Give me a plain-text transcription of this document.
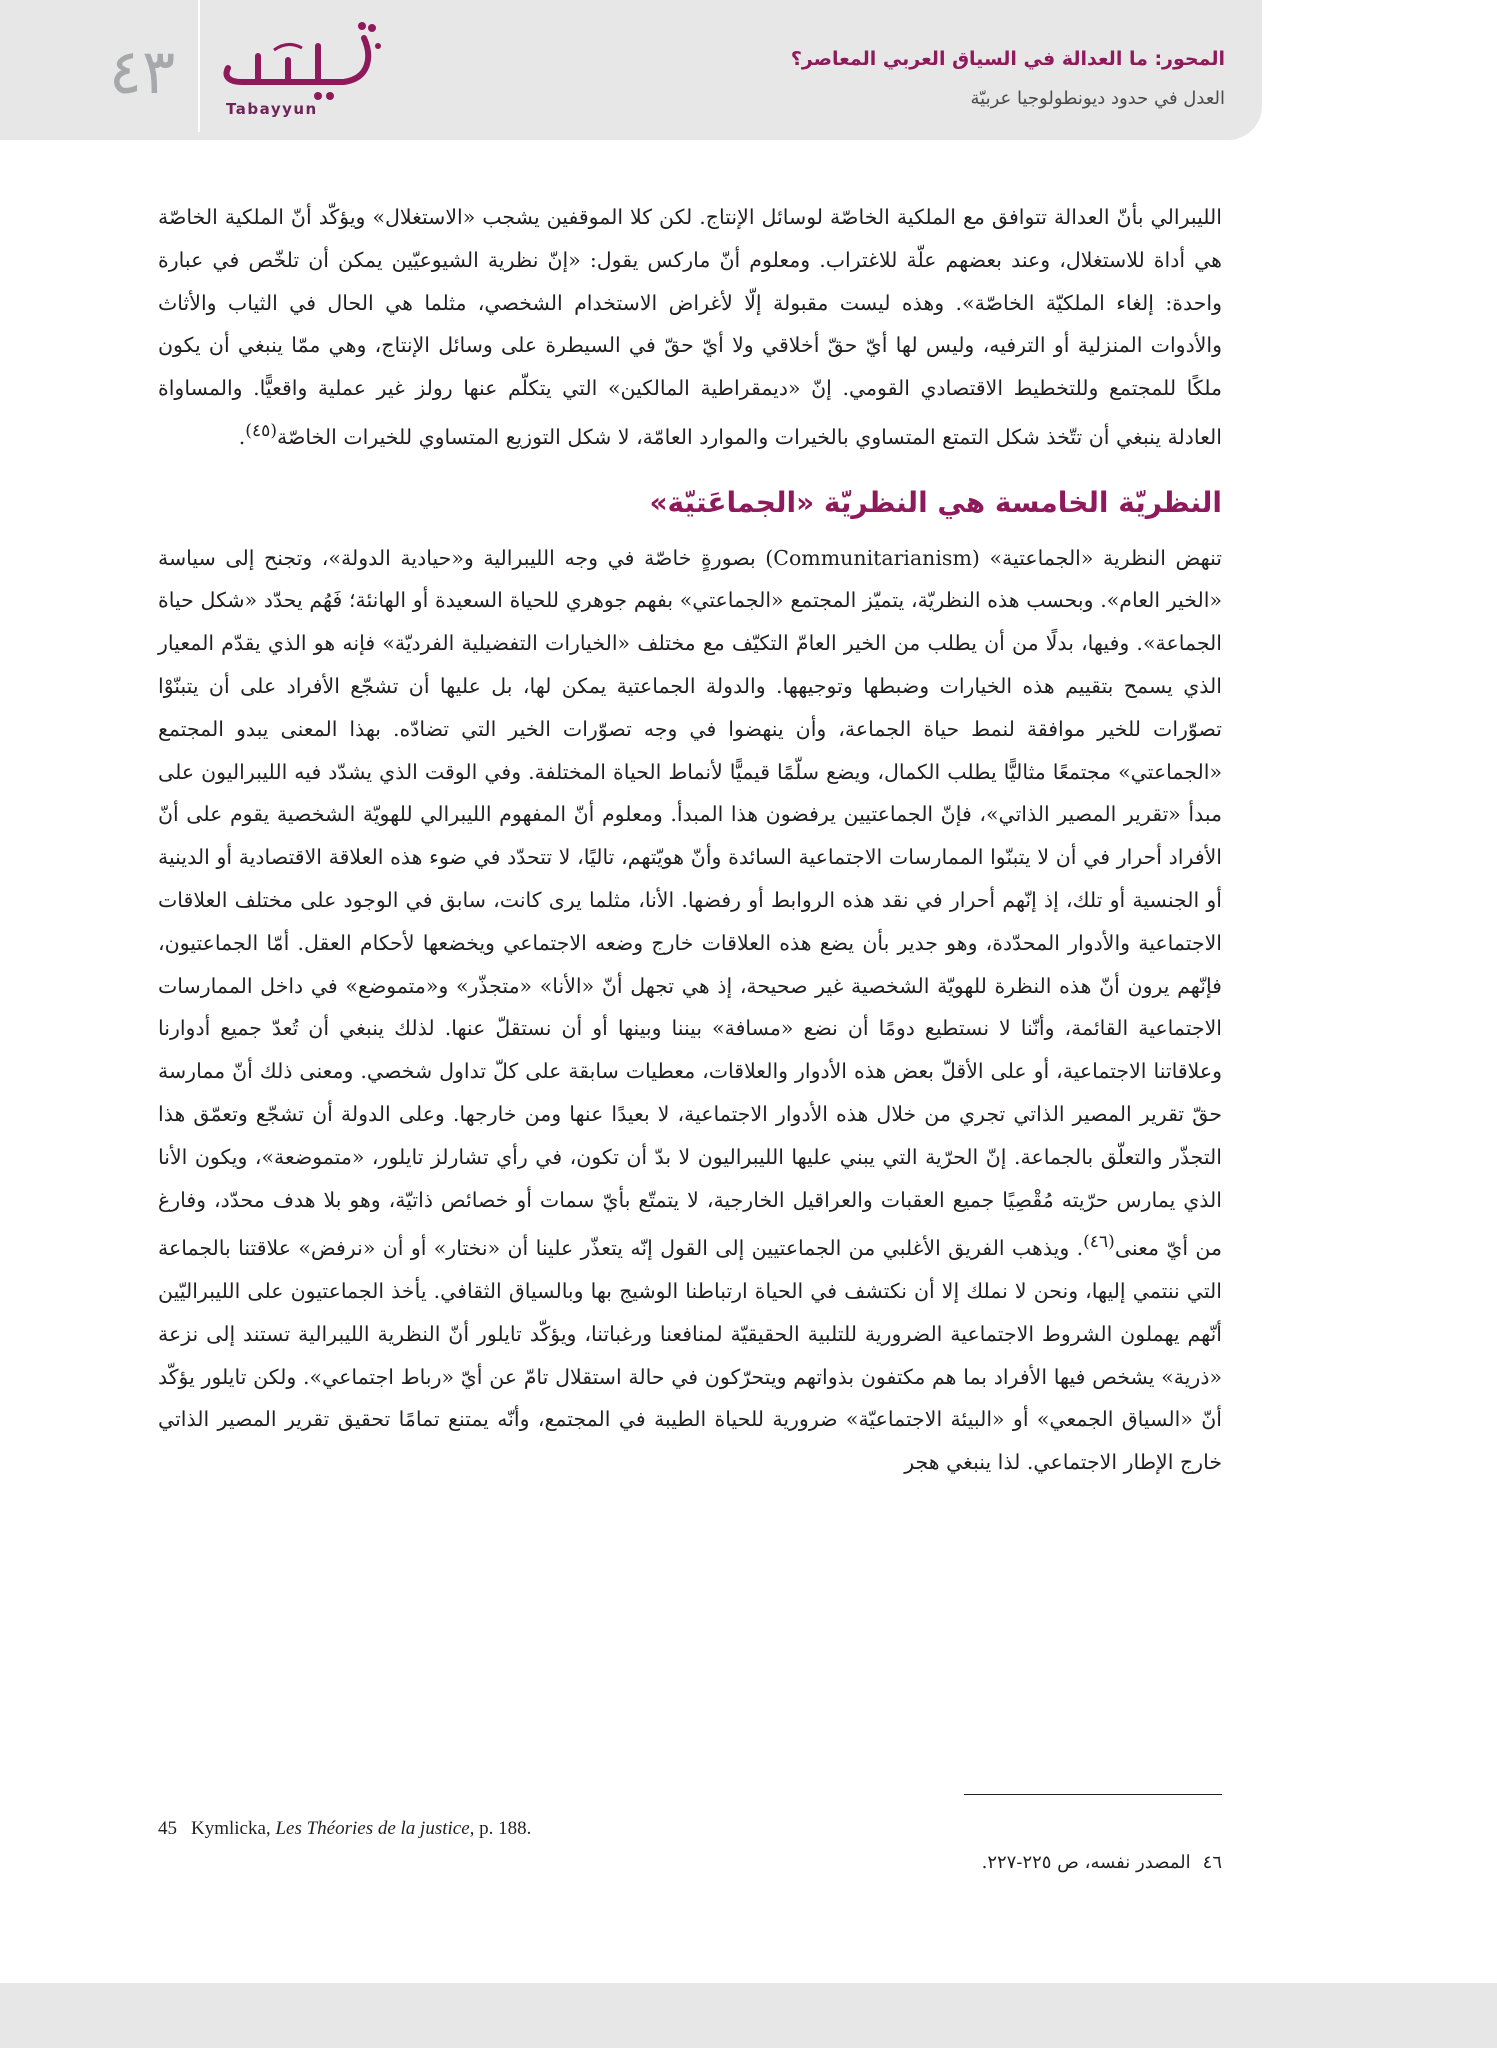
٤٣
Tabayyun
المحور: ما العدالة في السياق العربي المعاصر؟
العدل في حدود ديونطولوجيا عربيّة

الليبرالي بأنّ العدالة تتوافق مع الملكية الخاصّة لوسائل الإنتاج. لكن كلا الموقفين يشجب «الاستغلال» ويؤكّد أنّ الملكية الخاصّة هي أداة للاستغلال، وعند بعضهم علّة للاغتراب. ومعلوم أنّ ماركس يقول: «إنّ نظرية الشيوعيّين يمكن أن تلخّص في عبارة واحدة: إلغاء الملكيّة الخاصّة». وهذه ليست مقبولة إلّا لأغراض الاستخدام الشخصي، مثلما هي الحال في الثياب والأثاث والأدوات المنزلية أو الترفيه، وليس لها أيّ حقّ أخلاقي ولا أيّ حقّ في السيطرة على وسائل الإنتاج، وهي ممّا ينبغي أن يكون ملكًا للمجتمع وللتخطيط الاقتصادي القومي. إنّ «ديمقراطية المالكين» التي يتكلّم عنها رولز غير عملية واقعيًّا. والمساواة العادلة ينبغي أن تتّخذ شكل التمتع المتساوي بالخيرات والموارد العامّة، لا شكل التوزيع المتساوي للخيرات الخاصّة$^{(٤٥)}$.

النظريّة الخامسة هي النظريّة «الجماعَتيّة»

تنهض النظرية «الجماعتية» (Communitarianism) بصورةٍ خاصّة في وجه الليبرالية و«حيادية الدولة»، وتجنح إلى سياسة «الخير العام». وبحسب هذه النظريّة، يتميّز المجتمع «الجماعتي» بفهم جوهري للحياة السعيدة أو الهانئة؛ فَهُم يحدّد «شكل حياة الجماعة». وفيها، بدلًا من أن يطلب من الخير العامّ التكيّف مع مختلف «الخيارات التفضيلية الفرديّة» فإنه هو الذي يقدّم المعيار الذي يسمح بتقييم هذه الخيارات وضبطها وتوجيهها. والدولة الجماعتية يمكن لها، بل عليها أن تشجّع الأفراد على أن يتبنّوْا تصوّرات للخير موافقة لنمط حياة الجماعة، وأن ينهضوا في وجه تصوّرات الخير التي تضادّه. بهذا المعنى يبدو المجتمع «الجماعتي» مجتمعًا مثاليًّا يطلب الكمال، ويضع سلّمًا قيميًّا لأنماط الحياة المختلفة. وفي الوقت الذي يشدّد فيه الليبراليون على مبدأ «تقرير المصير الذاتي»، فإنّ الجماعتيين يرفضون هذا المبدأ. ومعلوم أنّ المفهوم الليبرالي للهويّة الشخصية يقوم على أنّ الأفراد أحرار في أن لا يتبنّوا الممارسات الاجتماعية السائدة وأنّ هويّتهم، تاليًا، لا تتحدّد في ضوء هذه العلاقة الاقتصادية أو الدينية أو الجنسية أو تلك، إذ إنّهم أحرار في نقد هذه الروابط أو رفضها. الأنا، مثلما يرى كانت، سابق في الوجود على مختلف العلاقات الاجتماعية والأدوار المحدّدة، وهو جدير بأن يضع هذه العلاقات خارج وضعه الاجتماعي ويخضعها لأحكام العقل. أمّا الجماعتيون، فإنّهم يرون أنّ هذه النظرة للهويّة الشخصية غير صحيحة، إذ هي تجهل أنّ «الأنا» «متجذّر» و«متموضع» في داخل الممارسات الاجتماعية القائمة، وأنّنا لا نستطيع دومًا أن نضع «مسافة» بيننا وبينها أو أن نستقلّ عنها. لذلك ينبغي أن تُعدّ جميع أدوارنا وعلاقاتنا الاجتماعية، أو على الأقلّ بعض هذه الأدوار والعلاقات، معطيات سابقة على كلّ تداول شخصي. ومعنى ذلك أنّ ممارسة حقّ تقرير المصير الذاتي تجري من خلال هذه الأدوار الاجتماعية، لا بعيدًا عنها ومن خارجها. وعلى الدولة أن تشجّع وتعمّق هذا التجذّر والتعلّق بالجماعة. إنّ الحرّية التي يبني عليها الليبراليون لا بدّ أن تكون، في رأي تشارلز تايلور، «متموضعة»، ويكون الأنا الذي يمارس حرّيته مُقْصِيًا جميع العقبات والعراقيل الخارجية، لا يتمتّع بأيّ سمات أو خصائص ذاتيّة، وهو بلا هدف محدّد، وفارغ من أيّ معنى$^{(٤٦)}$. ويذهب الفريق الأغلبي من الجماعتيين إلى القول إنّه يتعذّر علينا أن «نختار» أو أن «نرفض» علاقتنا بالجماعة التي ننتمي إليها، ونحن لا نملك إلا أن نكتشف في الحياة ارتباطنا الوشيج بها وبالسياق الثقافي. يأخذ الجماعتيون على الليبراليّين أنّهم يهملون الشروط الاجتماعية الضرورية للتلبية الحقيقيّة لمنافعنا ورغباتنا، ويؤكّد تايلور أنّ النظرية الليبرالية تستند إلى نزعة «ذرية» يشخص فيها الأفراد بما هم مكتفون بذواتهم ويتحرّكون في حالة استقلال تامّ عن أيّ «رباط اجتماعي». ولكن تايلور يؤكّد أنّ «السياق الجمعي» أو «البيئة الاجتماعيّة» ضرورية للحياة الطيبة في المجتمع، وأنّه يمتنع تمامًا تحقيق تقرير المصير الذاتي خارج الإطار الاجتماعي. لذا ينبغي هجر

45 Kymlicka, Les Théories de la justice, p. 188.
٤٦المصدر نفسه، ص ٢٢٥-٢٢٧.
